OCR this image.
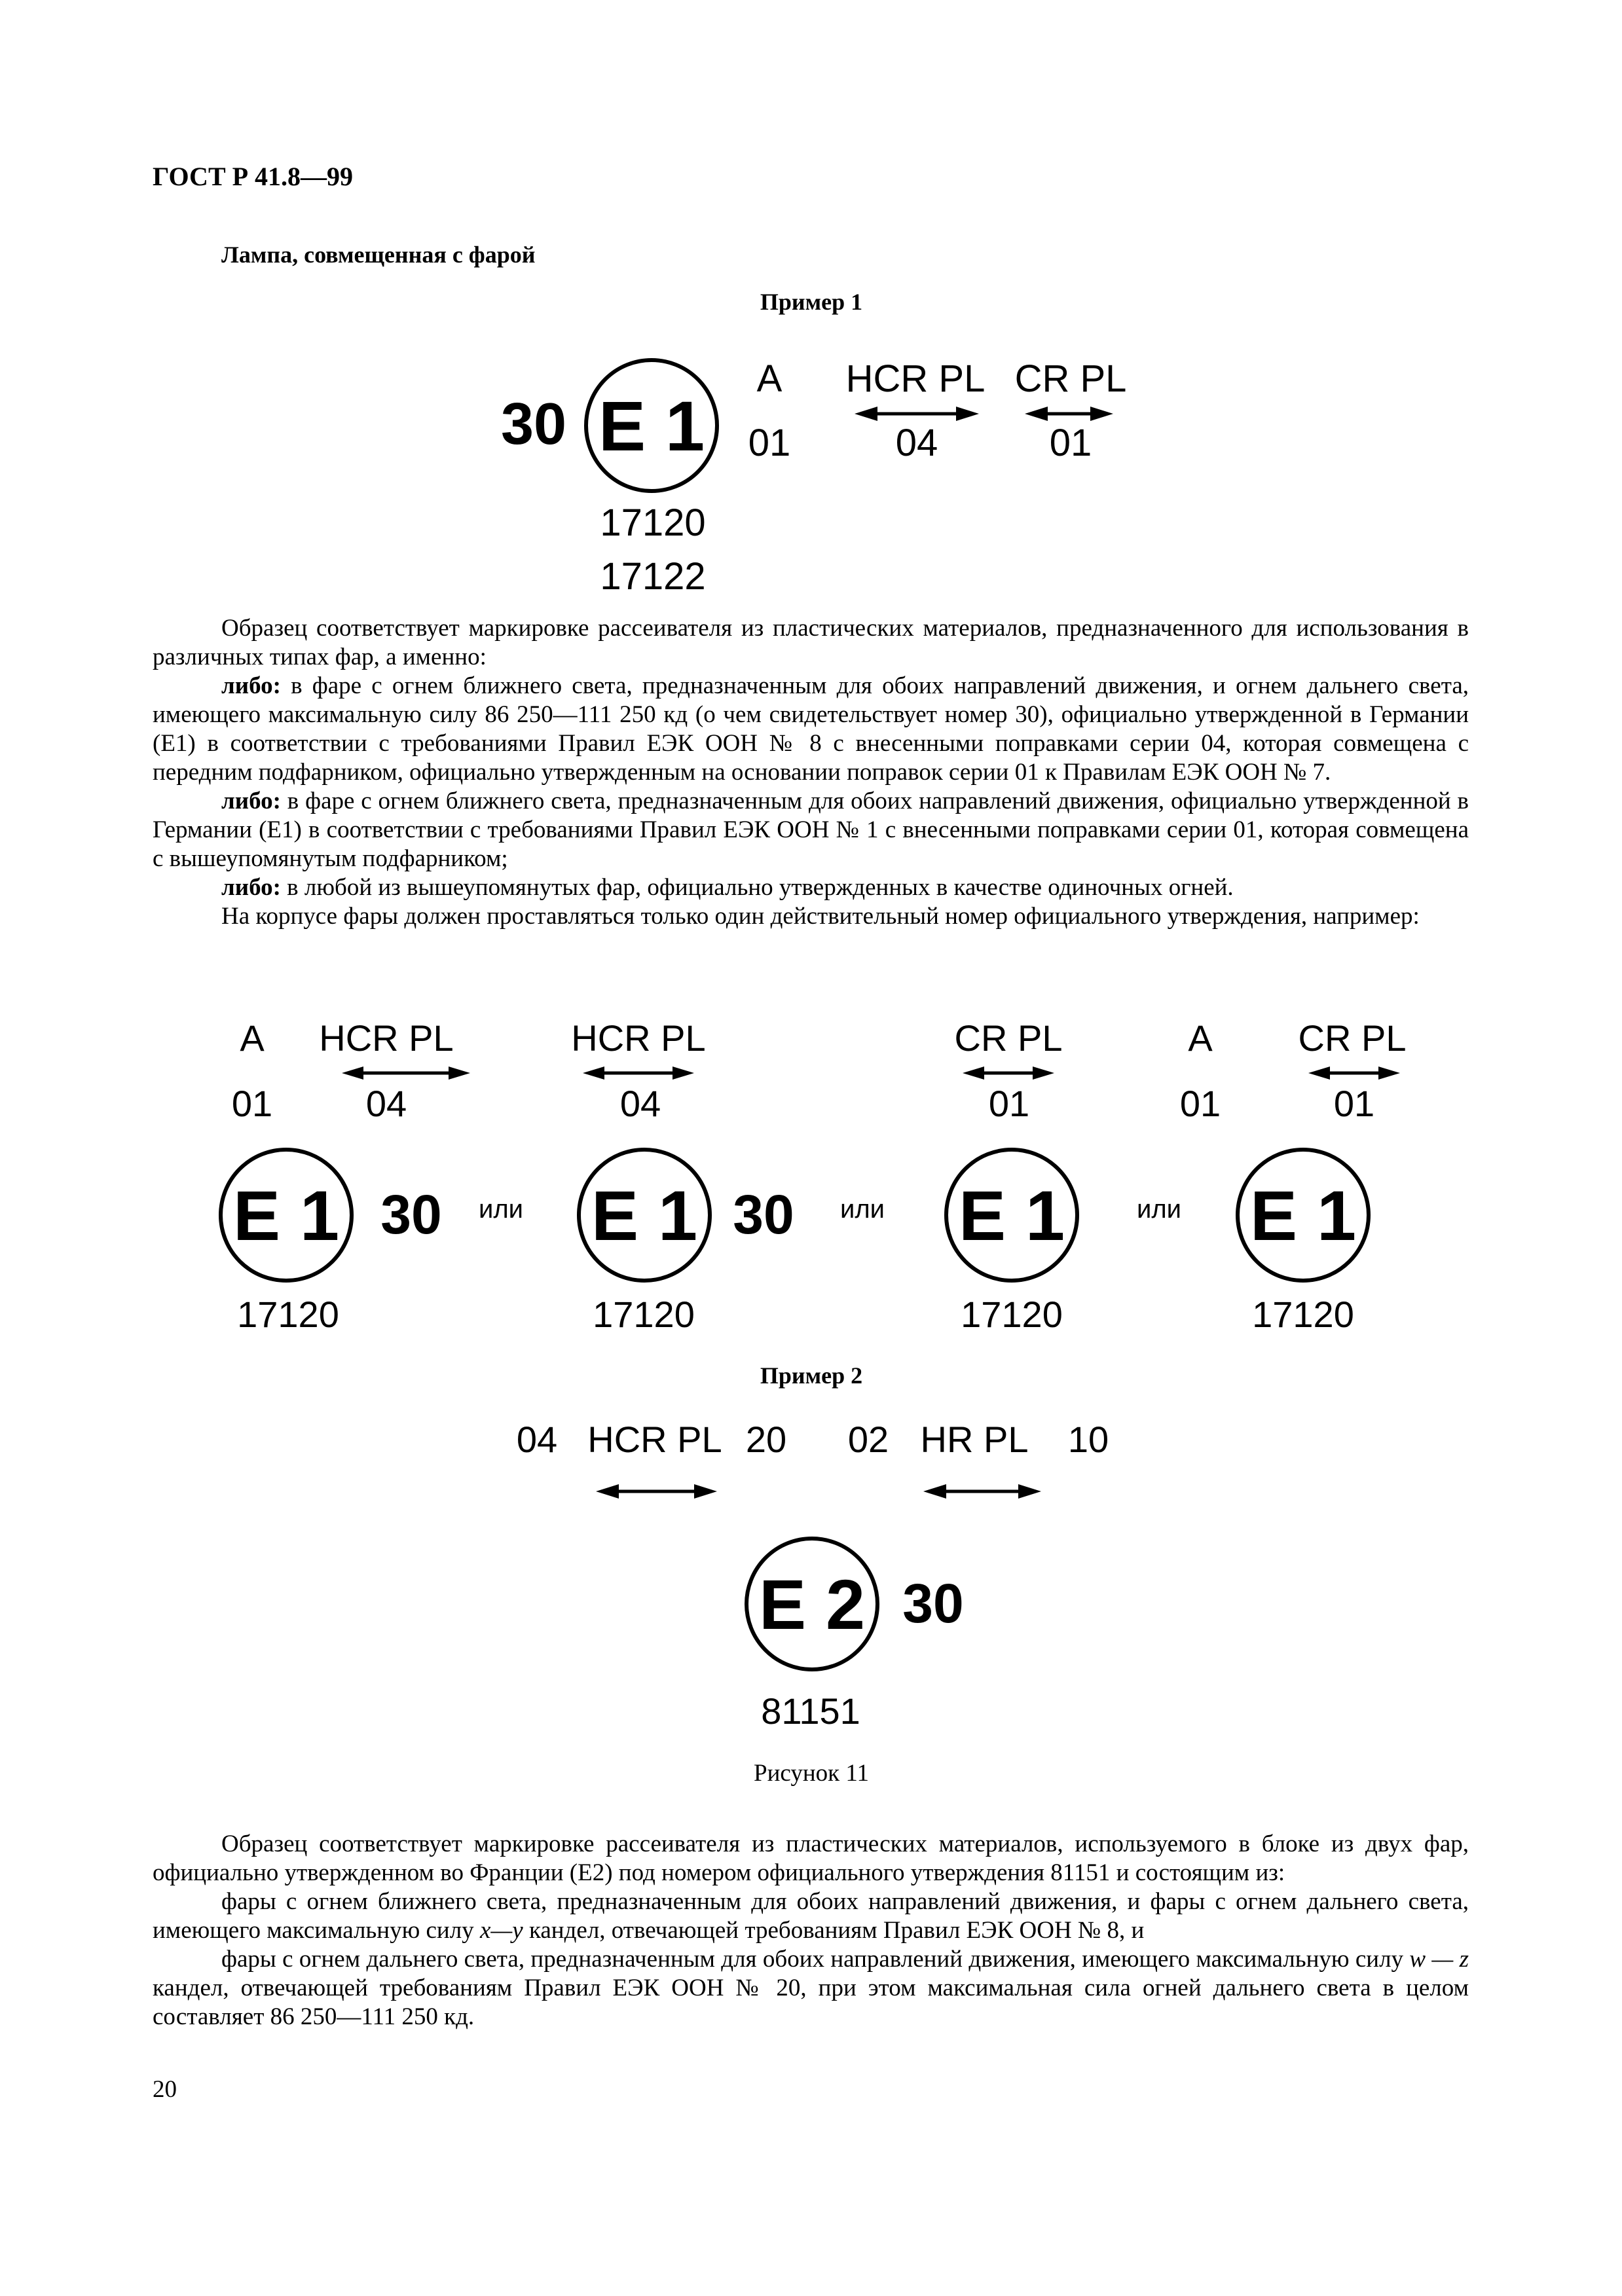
ГОСТ Р 41.8—99
Лампа, совмещенная с фарой
Пример 1
30 E 1
A
01
HCR PL
04
CR PL
01
17120
17122

Образец соответствует маркировке рассеивателя из пластических материалов, предназначенного для использования в различных типах фар, а именно:

либо: в фаре с огнем ближнего света, предназначенным для обоих направлений движения, и огнем дальнего света, имеющего максимальную силу 86 250—111 250 кд (о чем свидетельствует номер 30), официально утвержденной в Германии (E1) в соответствии с требованиями Правил ЕЭК ООН № 8 с внесенными поправками серии 04, которая совмещена с передним подфарником, официально утвержденным на основании поправок серии 01 к Правилам ЕЭК ООН № 7.

либо: в фаре с огнем ближнего света, предназначенным для обоих направлений движения, официально утвержденной в Германии (E1) в соответствии с требованиями Правил ЕЭК ООН № 1 с внесенными поправками серии 01, которая совмещена с вышеупомянутым подфарником;

либо: в любой из вышеупомянутых фар, официально утвержденных в качестве одиночных огней.

На корпусе фары должен проставляться только один действительный номер официального утверждения, например:

A
01
HCR PL
04
E 1 30
17120
или
HCR PL
04
E 1 30
17120
или
CR PL
01
E 1
17120
или
A
01
CR PL
01
E 1
17120
Пример 2
04 HCR PL 20 02 HR PL 10
E 2 30
81151
Рисунок 11

Образец соответствует маркировке рассеивателя из пластических материалов, используемого в блоке из двух фар, официально утвержденном во Франции (E2) под номером официального утверждения 81151 и состоящим из:

фары с огнем ближнего света, предназначенным для обоих направлений движения, и фары с огнем дальнего света, имеющего максимальную силу x—y кандел, отвечающей требованиям Правил ЕЭК ООН № 8, и

фары с огнем дальнего света, предназначенным для обоих направлений движения, имеющего максимальную силу w — z кандел, отвечающей требованиям Правил ЕЭК ООН № 20, при этом максимальная сила огней дальнего света в целом составляет 86 250—111 250 кд.

20
